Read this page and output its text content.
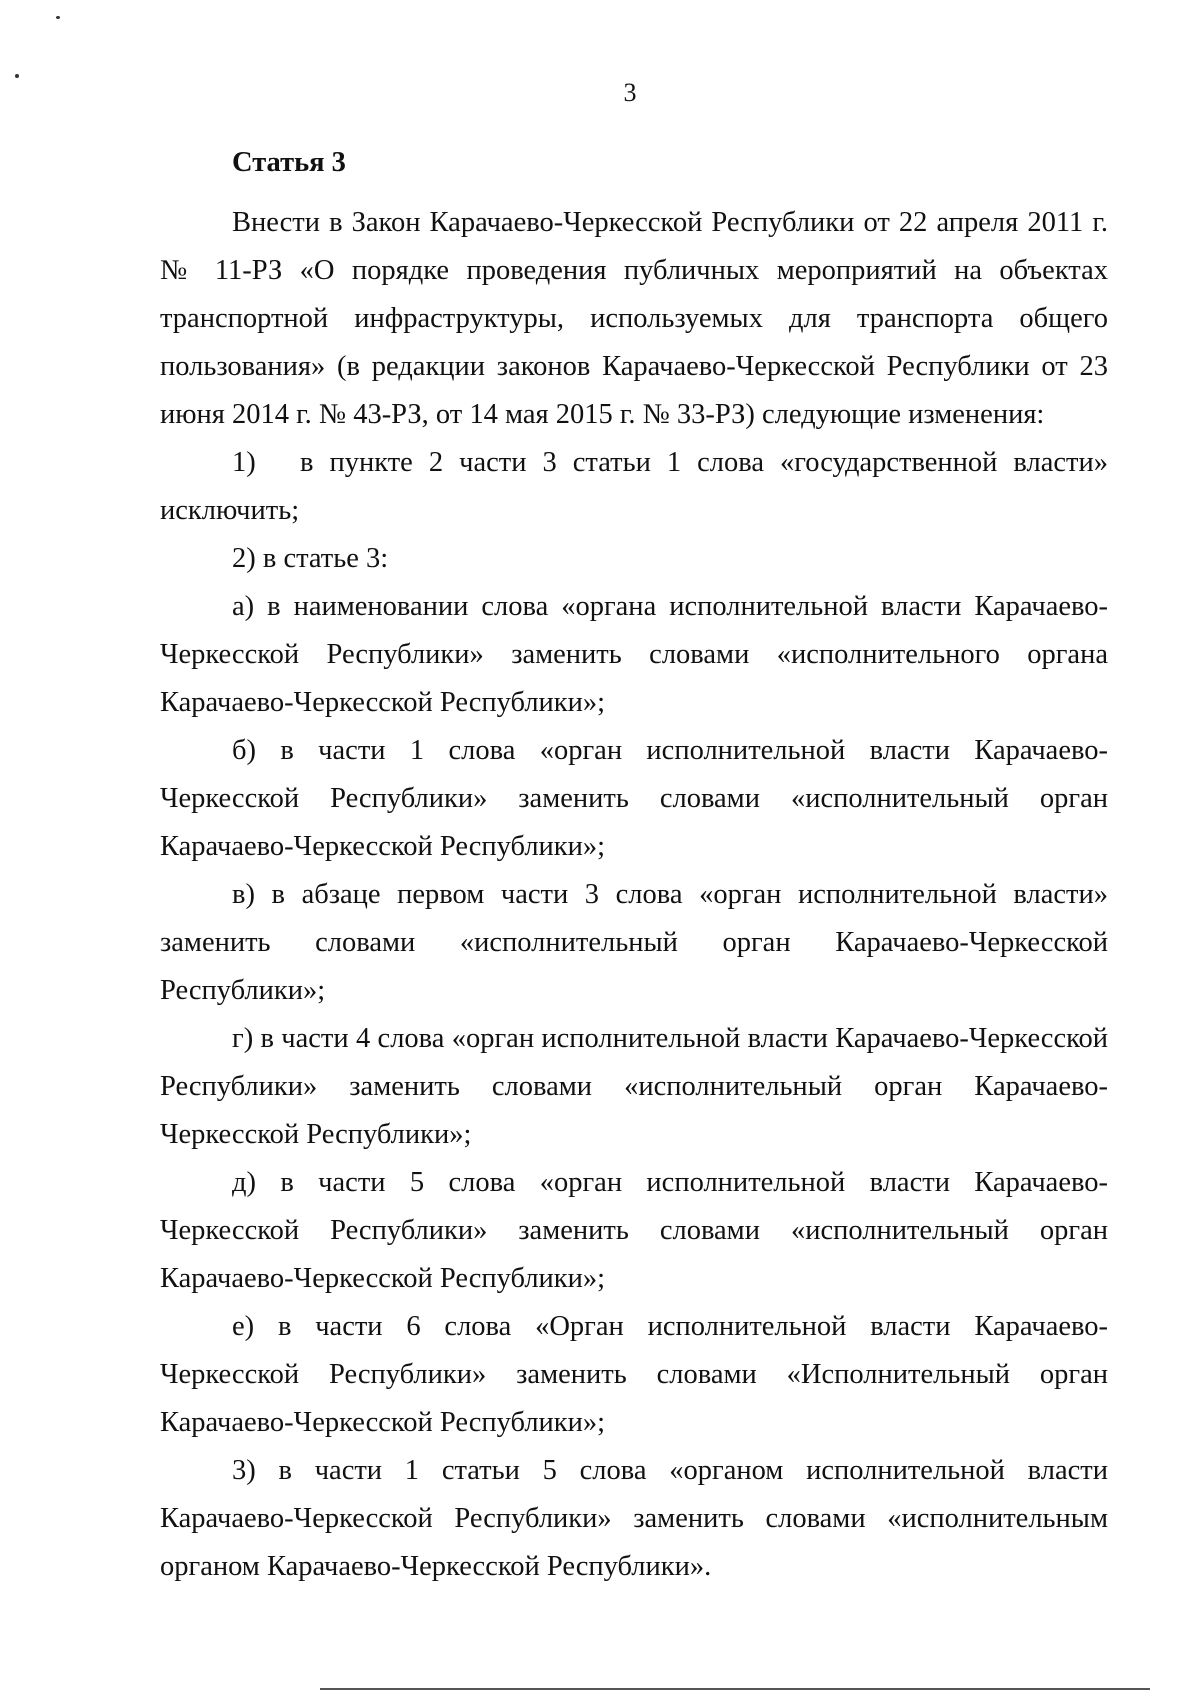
3

Статья 3

Внести в Закон Карачаево-Черкесской Республики от 22 апреля 2011 г. № 11-РЗ «О порядке проведения публичных мероприятий на объектах транспортной инфраструктуры, используемых для транспорта общего пользования» (в редакции законов Карачаево-Черкесской Республики от 23 июня 2014 г. № 43-РЗ, от 14 мая 2015 г. № 33-РЗ) следующие изменения:

1) в пункте 2 части 3 статьи 1 слова «государственной власти» исключить;

2) в статье 3:

а) в наименовании слова «органа исполнительной власти Карачаево-Черкесской Республики» заменить словами «исполнительного органа Карачаево-Черкесской Республики»;

б) в части 1 слова «орган исполнительной власти Карачаево-Черкесской Республики» заменить словами «исполнительный орган Карачаево-Черкесской Республики»;

в) в абзаце первом части 3 слова «орган исполнительной власти» заменить словами «исполнительный орган Карачаево-Черкесской Республики»;

г) в части 4 слова «орган исполнительной власти Карачаево-Черкесской Республики» заменить словами «исполнительный орган Карачаево-Черкесской Республики»;

д) в части 5 слова «орган исполнительной власти Карачаево-Черкесской Республики» заменить словами «исполнительный орган Карачаево-Черкесской Республики»;

е) в части 6 слова «Орган исполнительной власти Карачаево-Черкесской Республики» заменить словами «Исполнительный орган Карачаево-Черкесской Республики»;

3) в части 1 статьи 5 слова «органом исполнительной власти Карачаево-Черкесской Республики» заменить словами «исполнительным органом Карачаево-Черкесской Республики».
